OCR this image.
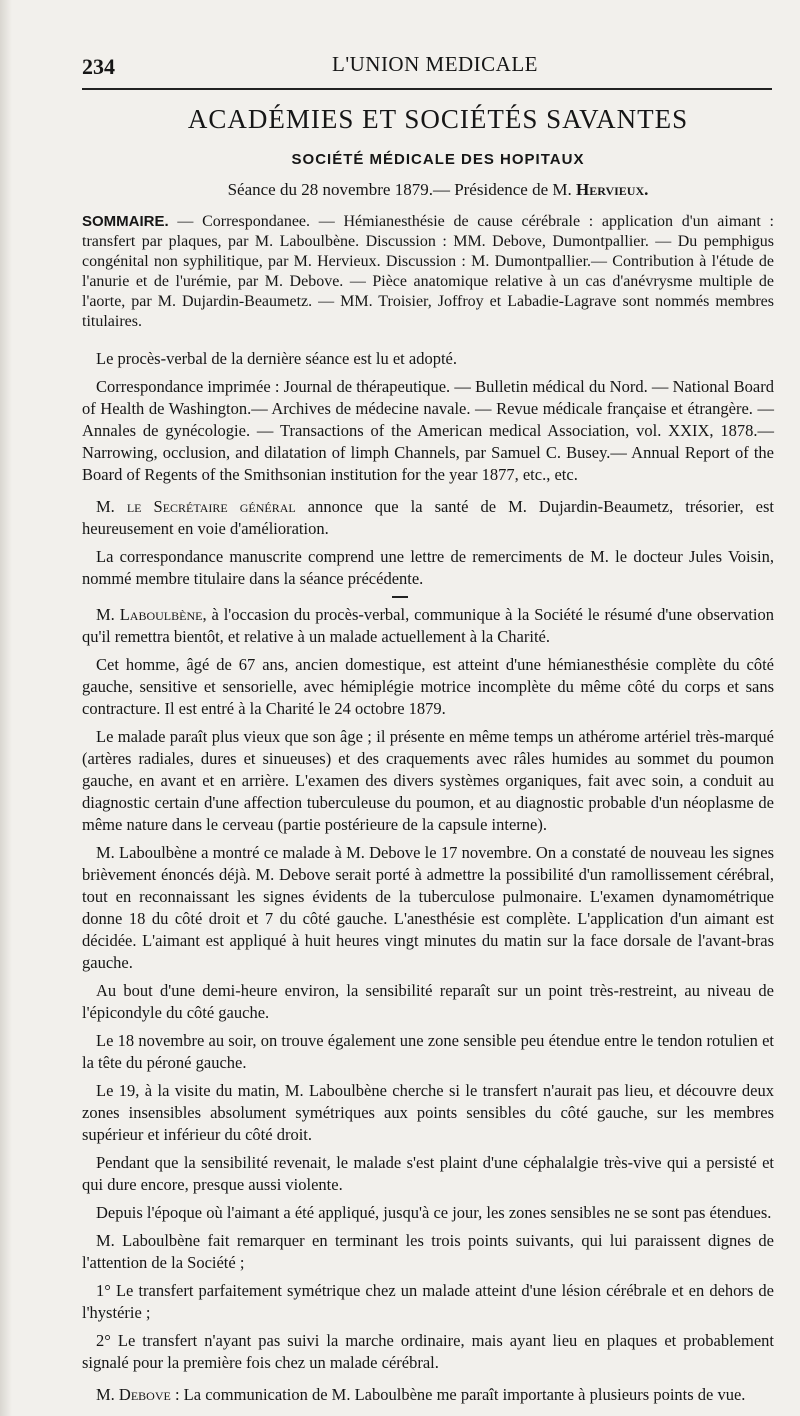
234	L'UNION MEDICALE
ACADÉMIES ET SOCIÉTÉS SAVANTES
SOCIÉTÉ MÉDICALE DES HOPITAUX
Séance du 28 novembre 1879.— Présidence de M. Hervieux.
SOMMAIRE. — Correspondanee. — Hémianesthésie de cause cérébrale : application d'un aimant : transfert par plaques, par M. Laboulbène. Discussion : MM. Debove, Dumontpallier. — Du pemphigus congénital non syphilitique, par M. Hervieux. Discussion : M. Dumontpallier.— Contribution à l'étude de l'anurie et de l'urémie, par M. Debove. — Pièce anatomique relative à un cas d'anévrysme multiple de l'aorte, par M. Dujardin-Beaumetz. — MM. Troisier, Joffroy et Labadie-Lagrave sont nommés membres titulaires.

Le procès-verbal de la dernière séance est lu et adopté.

Correspondance imprimée : Journal de thérapeutique. — Bulletin médical du Nord. — National Board of Health de Washington.— Archives de médecine navale. — Revue médicale française et étrangère. — Annales de gynécologie. — Transactions of the American medical Association, vol. XXIX, 1878.— Narrowing, occlusion, and dilatation of limph Channels, par Samuel C. Busey.— Annual Report of the Board of Regents of the Smithsonian institution for the year 1877, etc., etc.

M. le Secrétaire général annonce que la santé de M. Dujardin-Beaumetz, trésorier, est heureusement en voie d'amélioration.

La correspondance manuscrite comprend une lettre de remerciments de M. le docteur Jules Voisin, nommé membre titulaire dans la séance précédente.

M. Laboulbène, à l'occasion du procès-verbal, communique à la Société le résumé d'une observation qu'il remettra bientôt, et relative à un malade actuellement à la Charité.

Cet homme, âgé de 67 ans, ancien domestique, est atteint d'une hémianesthésie complète du côté gauche, sensitive et sensorielle, avec hémiplégie motrice incomplète du même côté du corps et sans contracture. Il est entré à la Charité le 24 octobre 1879.

Le malade paraît plus vieux que son âge ; il présente en même temps un athérome artériel très-marqué (artères radiales, dures et sinueuses) et des craquements avec râles humides au sommet du poumon gauche, en avant et en arrière. L'examen des divers systèmes organiques, fait avec soin, a conduit au diagnostic certain d'une affection tuberculeuse du poumon, et au diagnostic probable d'un néoplasme de même nature dans le cerveau (partie postérieure de la capsule interne).

M. Laboulbène a montré ce malade à M. Debove le 17 novembre. On a constaté de nouveau les signes brièvement énoncés déjà. M. Debove serait porté à admettre la possibilité d'un ramollissement cérébral, tout en reconnaissant les signes évidents de la tuberculose pulmonaire. L'examen dynamométrique donne 18 du côté droit et 7 du côté gauche. L'anesthésie est complète. L'application d'un aimant est décidée. L'aimant est appliqué à huit heures vingt minutes du matin sur la face dorsale de l'avant-bras gauche.

Au bout d'une demi-heure environ, la sensibilité reparaît sur un point très-restreint, au niveau de l'épicondyle du côté gauche.

Le 18 novembre au soir, on trouve également une zone sensible peu étendue entre le tendon rotulien et la tête du péroné gauche.

Le 19, à la visite du matin, M. Laboulbène cherche si le transfert n'aurait pas lieu, et découvre deux zones insensibles absolument symétriques aux points sensibles du côté gauche, sur les membres supérieur et inférieur du côté droit.

Pendant que la sensibilité revenait, le malade s'est plaint d'une céphalalgie très-vive qui a persisté et qui dure encore, presque aussi violente.

Depuis l'époque où l'aimant a été appliqué, jusqu'à ce jour, les zones sensibles ne se sont pas étendues.

M. Laboulbène fait remarquer en terminant les trois points suivants, qui lui paraissent dignes de l'attention de la Société ;

1° Le transfert parfaitement symétrique chez un malade atteint d'une lésion cérébrale et en dehors de l'hystérie ;

2° Le transfert n'ayant pas suivi la marche ordinaire, mais ayant lieu en plaques et probablement signalé pour la première fois chez un malade cérébral.

M. Debove : La communication de M. Laboulbène me paraît importante à plusieurs points de vue.
